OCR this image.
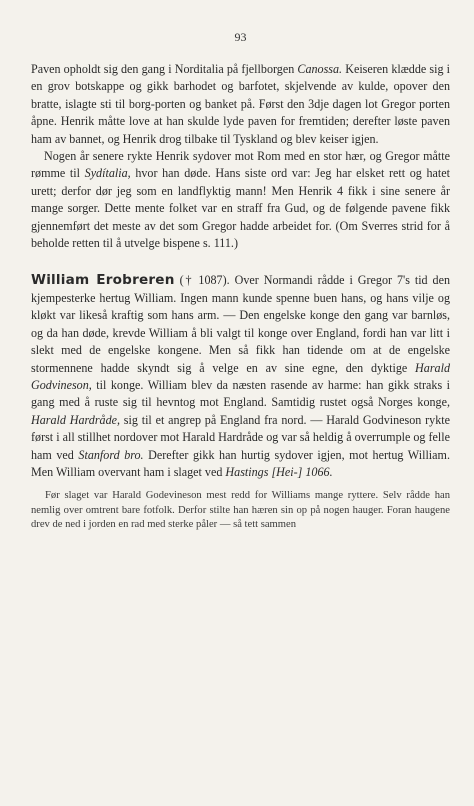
93

Paven opholdt sig den gang i Norditalia på fjellborgen Canossa. Keiseren klædde sig i en grov botskappe og gikk barhodet og barfotet, skjelvende av kulde, opover den bratte, islagte sti til borg-porten og banket på. Først den 3dje dagen lot Gregor porten åpne. Henrik måtte love at han skulde lyde paven for fremtiden; derefter løste paven ham av bannet, og Henrik drog tilbake til Tyskland og blev keiser igjen.

Nogen år senere rykte Henrik sydover mot Rom med en stor hær, og Gregor måtte rømme til Sydítalia, hvor han døde. Hans siste ord var: Jeg har elsket rett og hatet urett; derfor dør jeg som en landflyktig mann! Men Henrik 4 fikk i sine senere år mange sorger. Dette mente folket var en straff fra Gud, og de følgende pavene fikk gjennemført det meste av det som Gregor hadde arbeidet for. (Om Sverres strid for å beholde retten til å utvelge bispene s. 111.)

William Erobreren († 1087). Over Normandi rådde i Gregor 7's tid den kjempesterke hertug William. Ingen mann kunde spenne buen hans, og hans vilje og kløkt var likeså kraftig som hans arm. — Den engelske konge den gang var barnløs, og da han døde, krevde William å bli valgt til konge over England, fordi han var litt i slekt med de engelske kongene. Men så fikk han tidende om at de engelske stormennene hadde skyndt sig å velge en av sine egne, den dyktige Harald Godvineson, til konge. William blev da næsten rasende av harme: han gikk straks i gang med å ruste sig til hevntog mot England. Samtidig rustet også Norges konge, Harald Hardråde, sig til et angrep på England fra nord. — Harald Godvineson rykte først i all stillhet nordover mot Harald Hardråde og var så heldig å overrumple og felle ham ved Stanford bro. Derefter gikk han hurtig sydover igjen, mot hertug William. Men William overvant ham i slaget ved Hastings [Hei-] 1066.

Før slaget var Harald Godevineson mest redd for Williams mange ryttere. Selv rådde han nemlig over omtrent bare fotfolk. Derfor stilte han hæren sin op på nogen hauger. Foran haugene drev de ned i jorden en rad med sterke påler — så tett sammen
